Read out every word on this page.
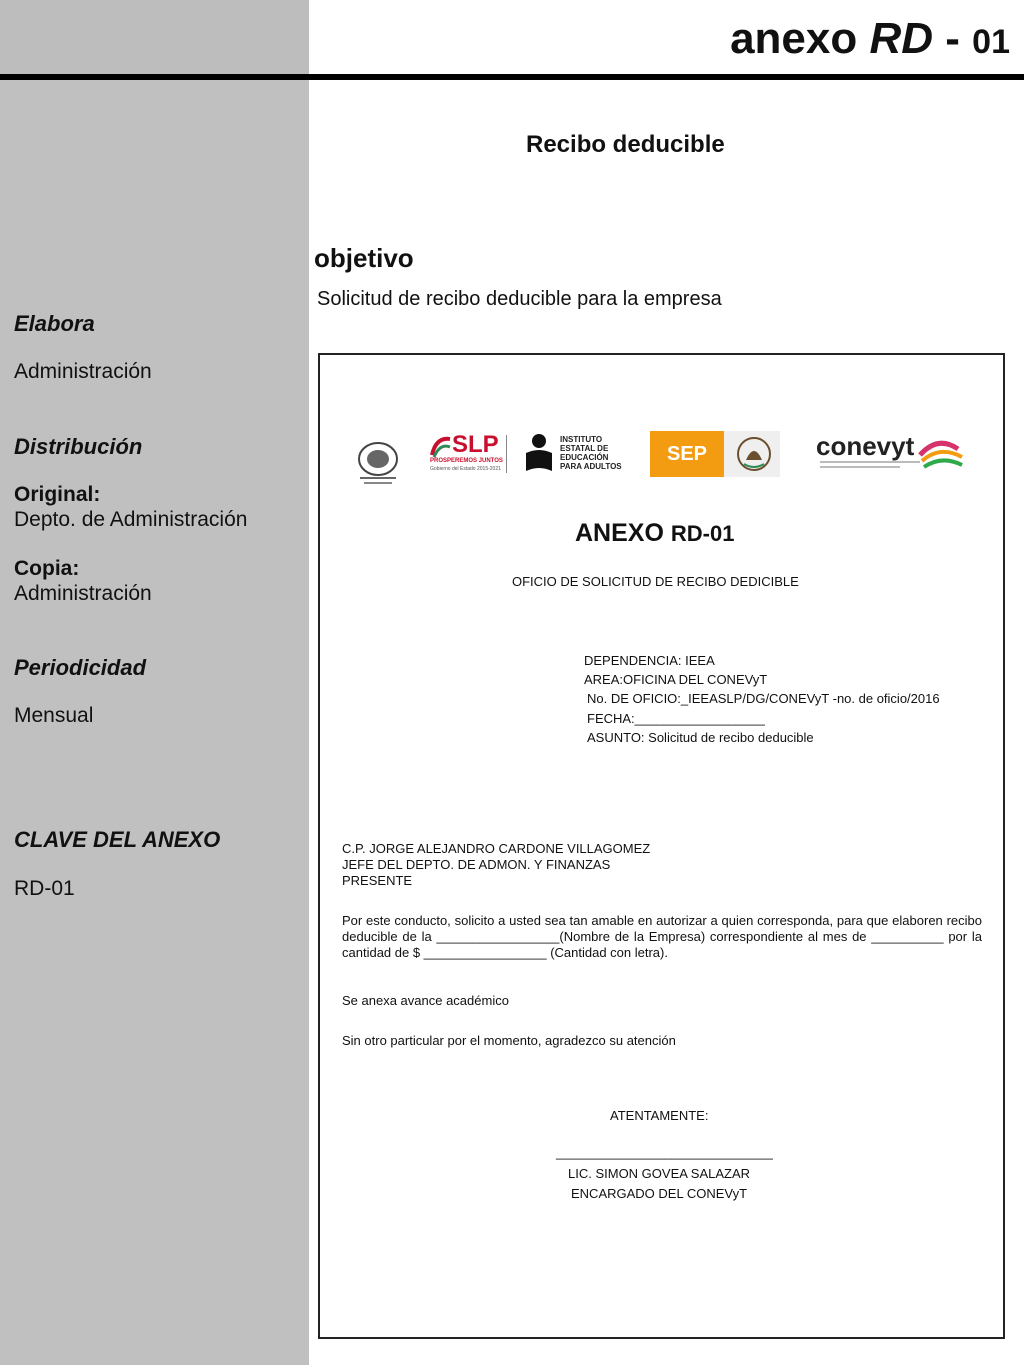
anexo RD - 01
Elabora
Administración
Distribución
Original:
Depto. de Administración
Copia:
Administración
Periodicidad
Mensual
CLAVE DEL ANEXO
RD-01
Recibo deducible
objetivo
Solicitud de recibo deducible para la empresa
SLP
PROSPEREMOS JUNTOS
Gobierno del Estado 2015-2021
INSTITUTO
ESTATAL DE
EDUCACIÓN
PARA ADULTOS
SEP	conevyt
ANEXO RD-01
OFICIO DE SOLICITUD DE RECIBO DEDICIBLE
DEPENDENCIA: IEEA
AREA:OFICINA DEL CONEVyT
No. DE OFICIO:_IEEASLP/DG/CONEVyT -no. de oficio/2016
FECHA:__________________
ASUNTO: Solicitud de recibo deducible
C.P. JORGE ALEJANDRO CARDONE VILLAGOMEZ
JEFE DEL DEPTO. DE ADMON. Y FINANZAS
PRESENTE
Por este conducto, solicito a usted sea tan amable en autorizar a quien corresponda, para que elaboren recibo deducible de la _________________(Nombre de la Empresa) correspondiente al mes de __________ por la cantidad de $ _________________ (Cantidad con letra).
Se anexa avance académico
Sin otro particular por el momento, agradezco su atención
ATENTAMENTE:
______________________________
LIC. SIMON GOVEA SALAZAR
ENCARGADO DEL CONEVyT
